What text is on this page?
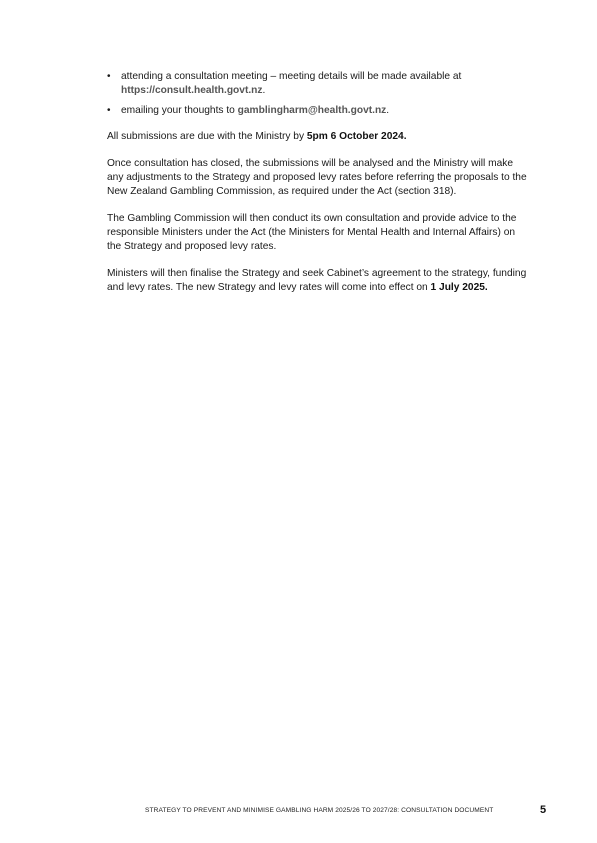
•	attending a consultation meeting – meeting details will be made available at https://consult.health.govt.nz.
•	emailing your thoughts to gamblingharm@health.govt.nz.

All submissions are due with the Ministry by 5pm 6 October 2024.

Once consultation has closed, the submissions will be analysed and the Ministry will make any adjustments to the Strategy and proposed levy rates before referring the proposals to the New Zealand Gambling Commission, as required under the Act (section 318).

The Gambling Commission will then conduct its own consultation and provide advice to the responsible Ministers under the Act (the Ministers for Mental Health and Internal Affairs) on the Strategy and proposed levy rates.

Ministers will then finalise the Strategy and seek Cabinet’s agreement to the strategy, funding and levy rates. The new Strategy and levy rates will come into effect on 1 July 2025.

STRATEGY TO PREVENT AND MINIMISE GAMBLING HARM 2025/26 TO 2027/28: CONSULTATION DOCUMENT	5
